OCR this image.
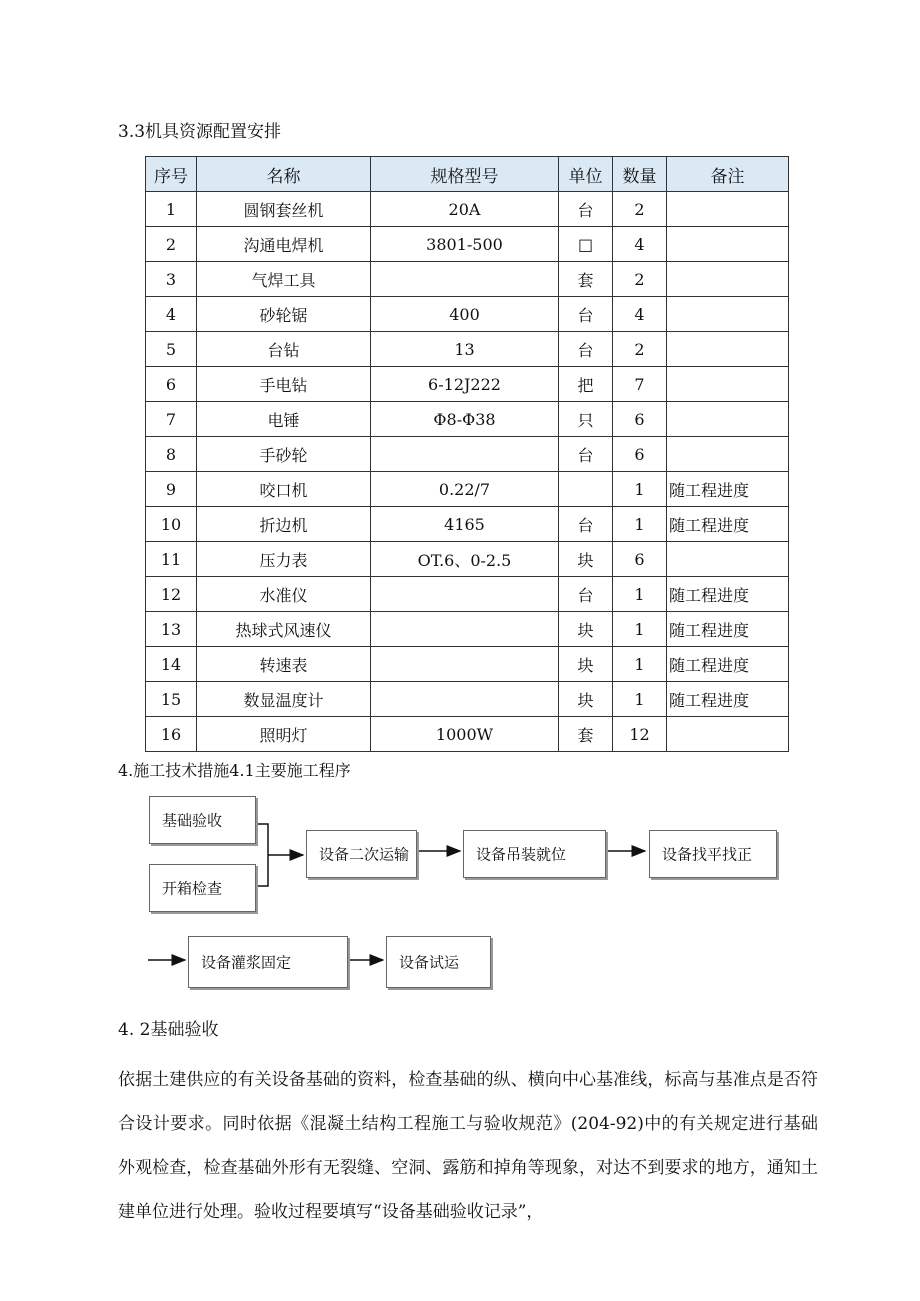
3.3机具资源配置安排
序号	名称	规格型号	单位	数量	备注
1	圆钢套丝机	20A	台	2	
2	沟通电焊机	3801-500	□	4	
3	气焊工具		套	2	
4	砂轮锯	400	台	4	
5	台钻	13	台	2	
6	手电钻	6-12J222	把	7	
7	电锤	Φ8-Φ38	只	6	
8	手砂轮		台	6	
9	咬口机	0.22/7		1	随工程进度
10	折边机	4165	台	1	随工程进度
11	压力表	OT.6、0-2.5	块	6	
12	水准仪		台	1	随工程进度
13	热球式风速仪		块	1	随工程进度
14	转速表		块	1	随工程进度
15	数显温度计		块	1	随工程进度
16	照明灯	1000W	套	12	
4.施工技术措施4.1主要施工程序
基础验收
开箱检查
设备二次运输	设备吊装就位	设备找平找正
设备灌浆固定	设备试运
4. 2基础验收

依据土建供应的有关设备基础的资料，检查基础的纵、横向中心基准线，标高与基准点是否符合设计要求。同时依据《混凝土结构工程施工与验收规范》(204-92)中的有关规定进行基础外观检查，检查基础外形有无裂缝、空洞、露筋和掉角等现象，对达不到要求的地方，通知土建单位进行处理。验收过程要填写“设备基础验收记录”，
